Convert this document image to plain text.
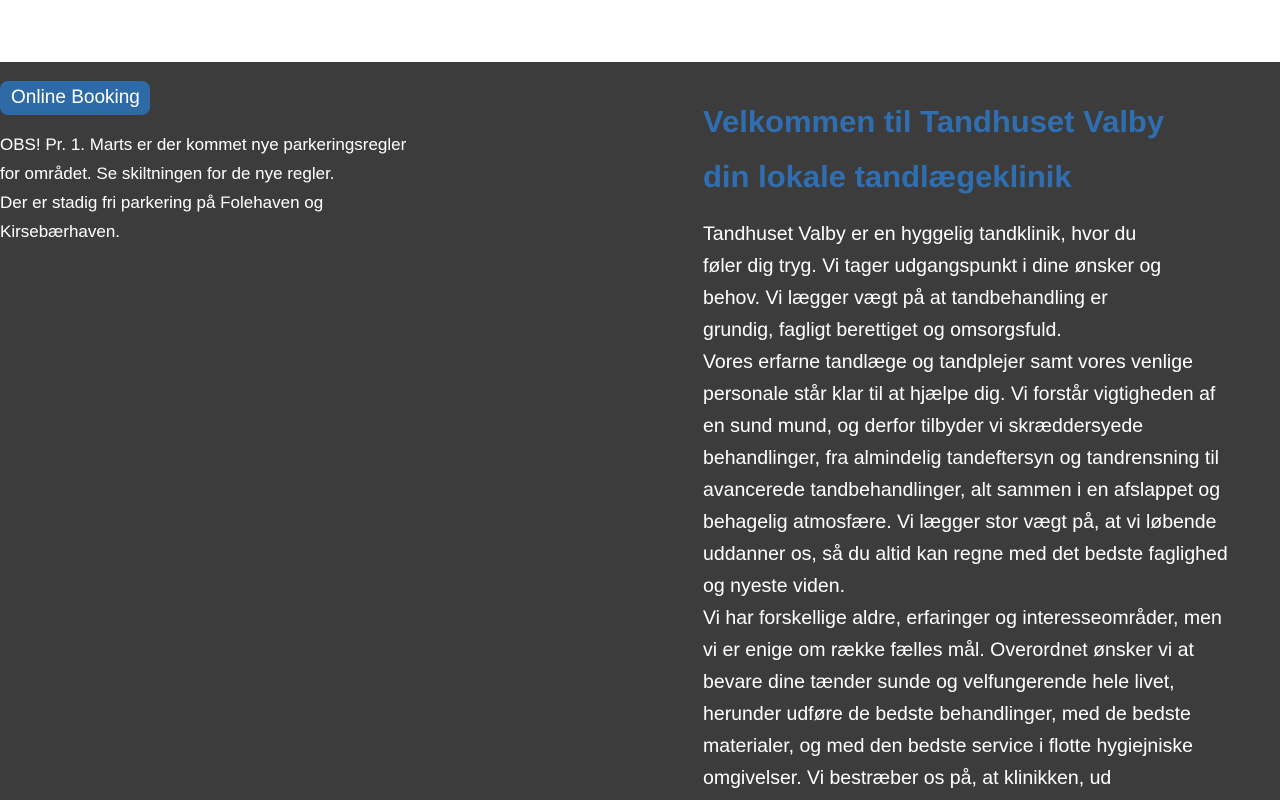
Online Booking

OBS! Pr. 1. Marts er der kommet nye parkeringsregler for området. Se skiltningen for de nye regler.

Der er stadig fri parkering på Folehaven og Kirsebærhaven.

Velkommen til Tandhuset Valby
din lokale tandlægeklinik

Tandhuset Valby er en hyggelig tandklinik, hvor du føler dig tryg. Vi tager udgangspunkt i dine ønsker og behov. Vi lægger vægt på at tandbehandling er grundig, fagligt berettiget og omsorgsfuld.

Vores erfarne tandlæge og tandplejer samt vores venlige personale står klar til at hjælpe dig. Vi forstår vigtigheden af en sund mund, og derfor tilbyder vi skræddersyede behandlinger, fra almindelig tandeftersyn og tandrensning til avancerede tandbehandlinger, alt sammen i en afslappet og behagelig atmosfære. Vi lægger stor vægt på, at vi løbende uddanner os, så du altid kan regne med det bedste faglighed og nyeste viden.

Vi har forskellige aldre, erfaringer og interesseområder, men vi er enige om række fælles mål. Overordnet ønsker vi at bevare dine tænder sunde og velfungerende hele livet, herunder udføre de bedste behandlinger, med de bedste materialer, og med den bedste service i flotte hygiejniske omgivelser. Vi bestræber os på, at klinikken, ud
